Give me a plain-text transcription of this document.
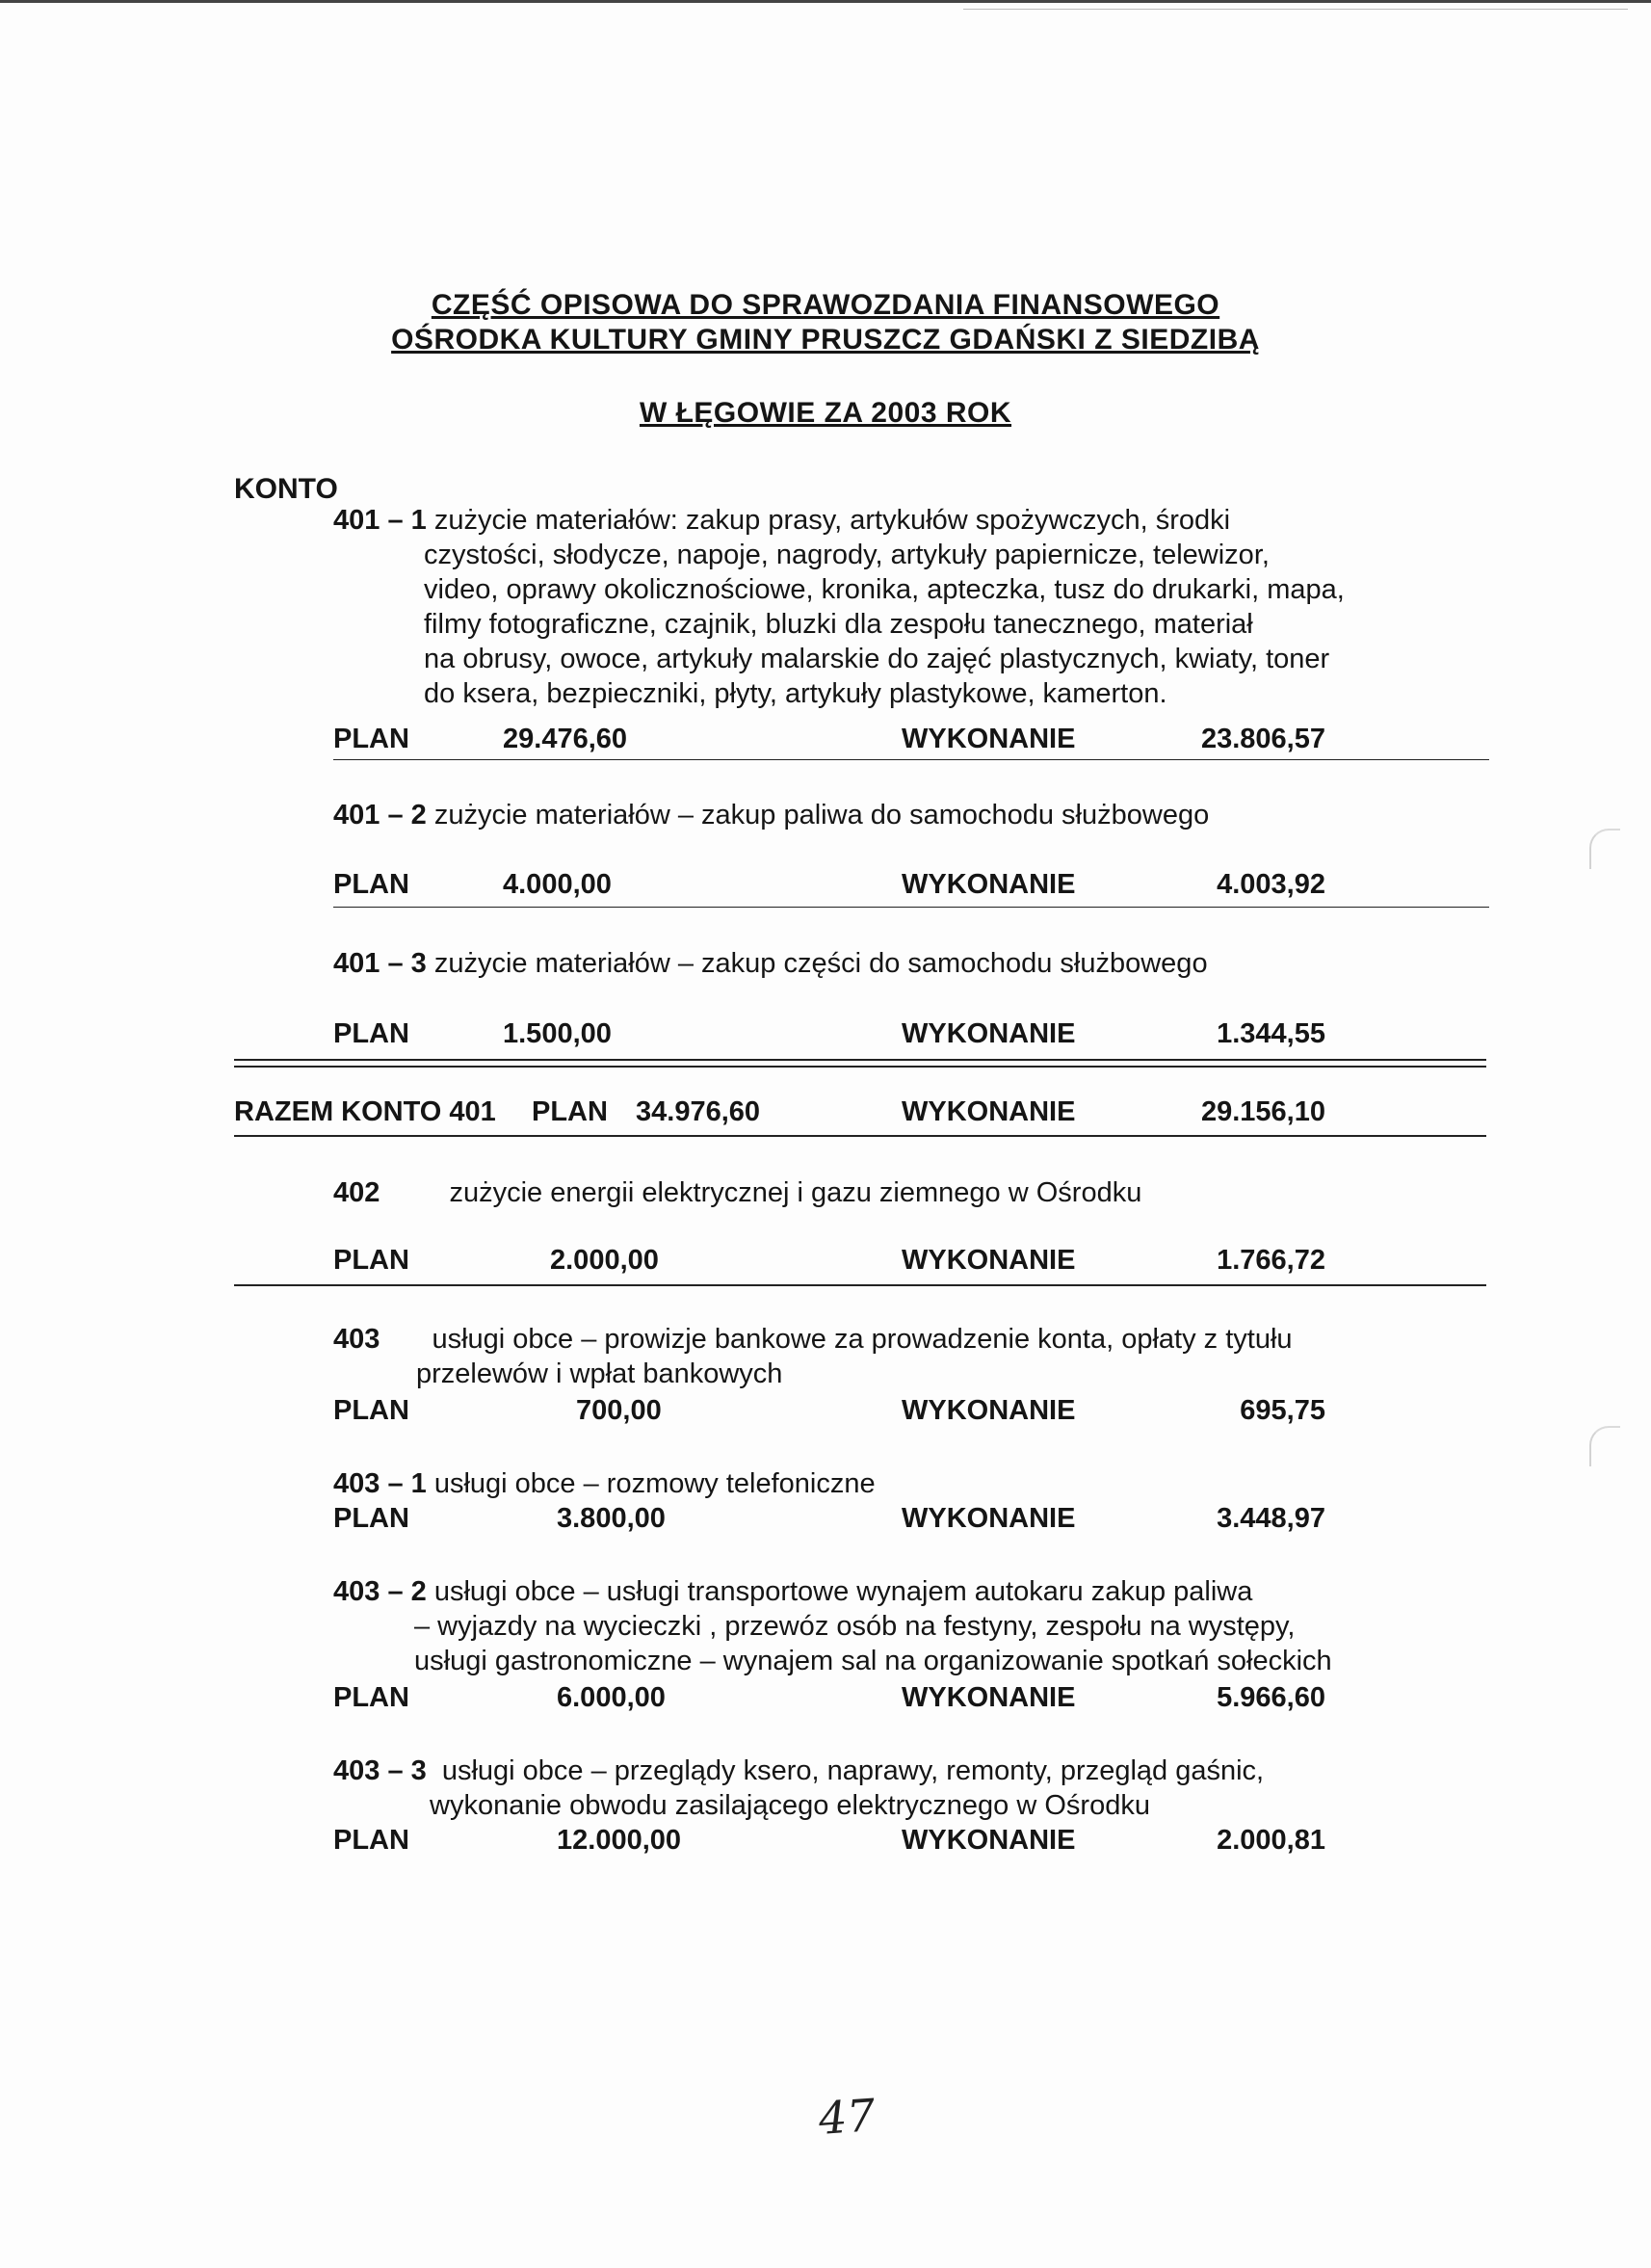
CZĘŚĆ OPISOWA DO SPRAWOZDANIA FINANSOWEGO
OŚRODKA KULTURY GMINY PRUSZCZ GDAŃSKI Z SIEDZIBĄ
W ŁĘGOWIE ZA 2003 ROK
KONTO
401 – 1 zużycie materiałów: zakup prasy, artykułów spożywczych, środki
czystości, słodycze, napoje, nagrody, artykuły papiernicze, telewizor,
video, oprawy okolicznościowe, kronika, apteczka, tusz do drukarki, mapa,
filmy fotograficzne, czajnik, bluzki dla zespołu tanecznego, materiał
na obrusy, owoce, artykuły malarskie do zajęć plastycznych, kwiaty, toner
do ksera, bezpieczniki, płyty, artykuły plastykowe, kamerton.
PLAN	29.476,60	WYKONANIE	23.806,57
401 – 2 zużycie materiałów – zakup paliwa do samochodu służbowego
PLAN	4.000,00	WYKONANIE	4.003,92
401 – 3 zużycie materiałów – zakup części do samochodu służbowego
PLAN	1.500,00	WYKONANIE	1.344,55
RAZEM KONTO 401 PLAN 34.976,60	WYKONANIE	29.156,10
402 zużycie energii elektrycznej i gazu ziemnego w Ośrodku
PLAN	2.000,00	WYKONANIE	1.766,72
403 usługi obce – prowizje bankowe za prowadzenie konta, opłaty z tytułu
przelewów i wpłat bankowych
PLAN	700,00	WYKONANIE	695,75
403 – 1 usługi obce – rozmowy telefoniczne
PLAN	3.800,00	WYKONANIE	3.448,97
403 – 2 usługi obce – usługi transportowe wynajem autokaru zakup paliwa
– wyjazdy na wycieczki , przewóz osób na festyny, zespołu na występy,
usługi gastronomiczne – wynajem sal na organizowanie spotkań sołeckich
PLAN	6.000,00	WYKONANIE	5.966,60
403 – 3 usługi obce – przeglądy ksero, naprawy, remonty, przegląd gaśnic,
wykonanie obwodu zasilającego elektrycznego w Ośrodku
PLAN	12.000,00	WYKONANIE	2.000,81
47
